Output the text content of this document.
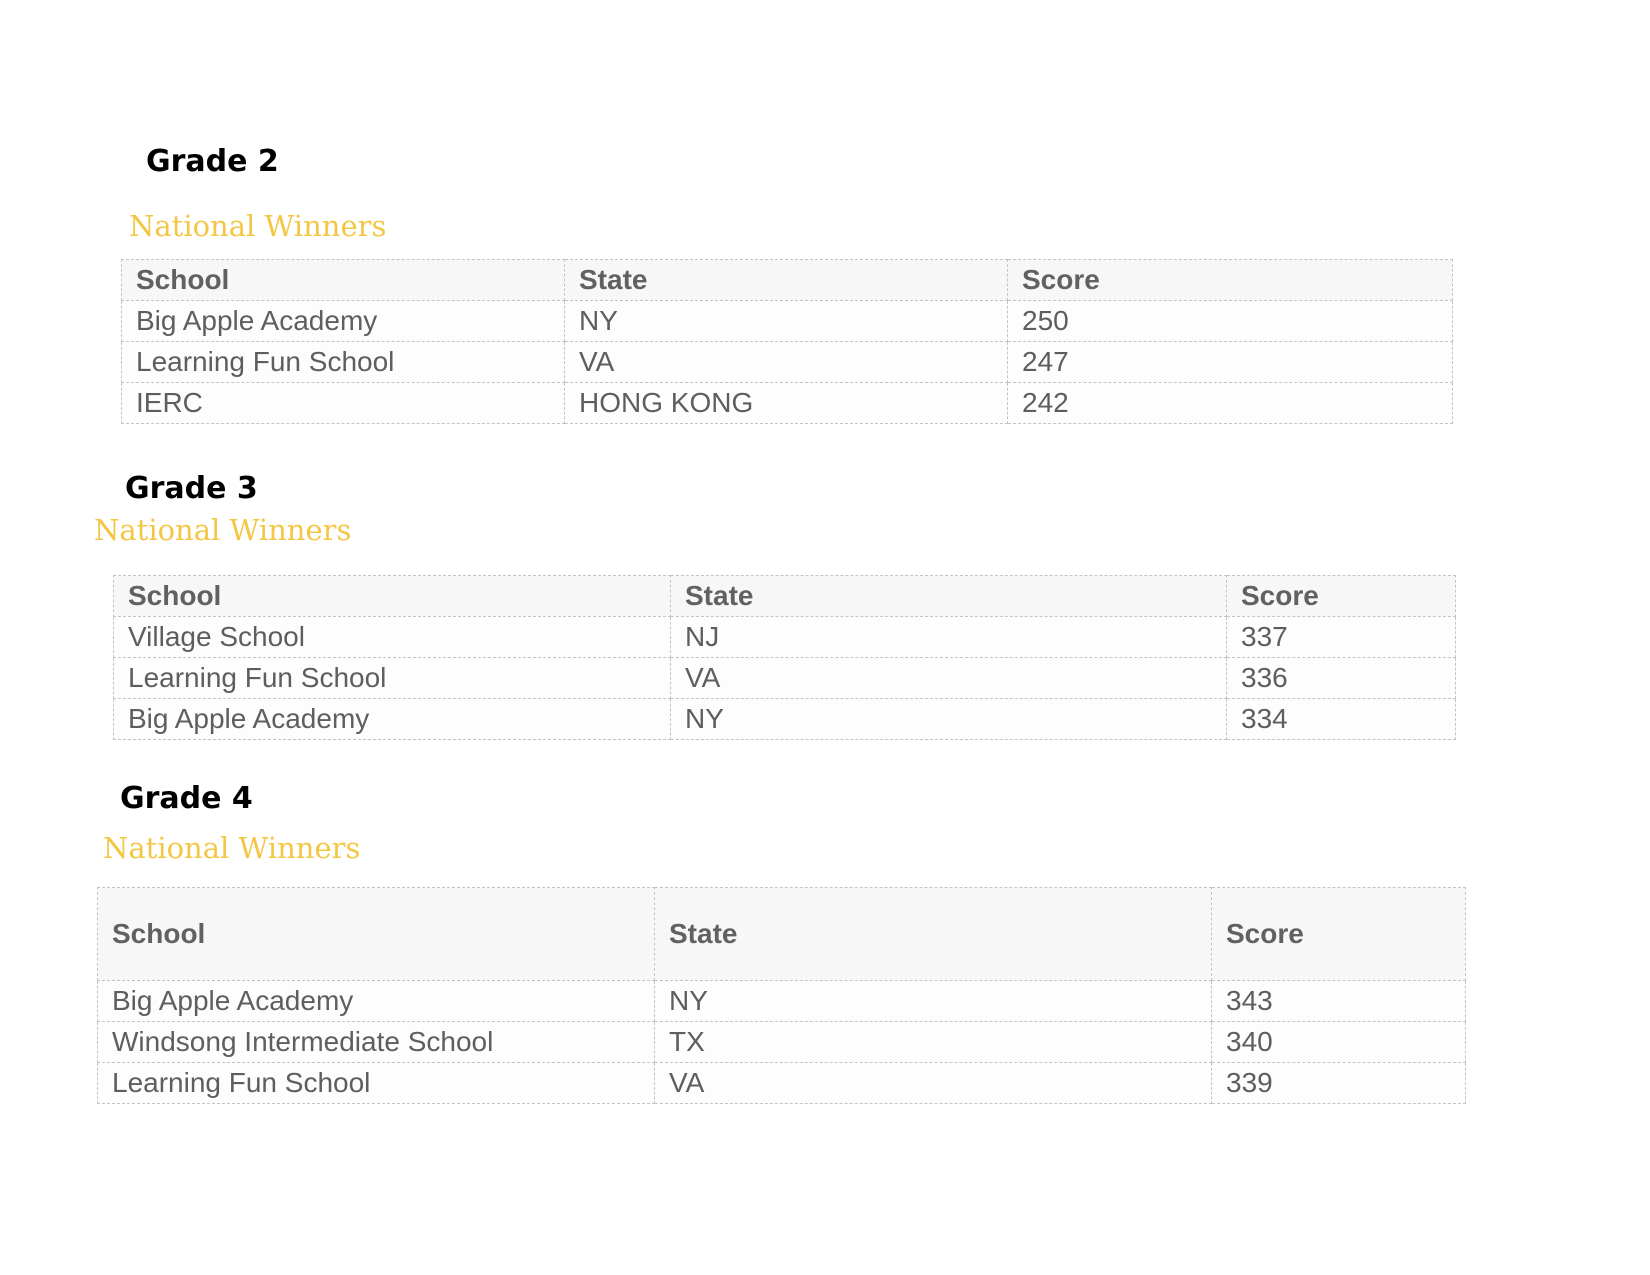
Grade 2
National Winners
School	State	Score
Big Apple Academy	NY	250
Learning Fun School	VA	247
IERC	HONG KONG	242
Grade 3
National Winners
School	State	Score
Village School	NJ	337
Learning Fun School	VA	336
Big Apple Academy	NY	334
Grade 4
National Winners
School	State	Score
Big Apple Academy	NY	343
Windsong Intermediate School	TX	340
Learning Fun School	VA	339
